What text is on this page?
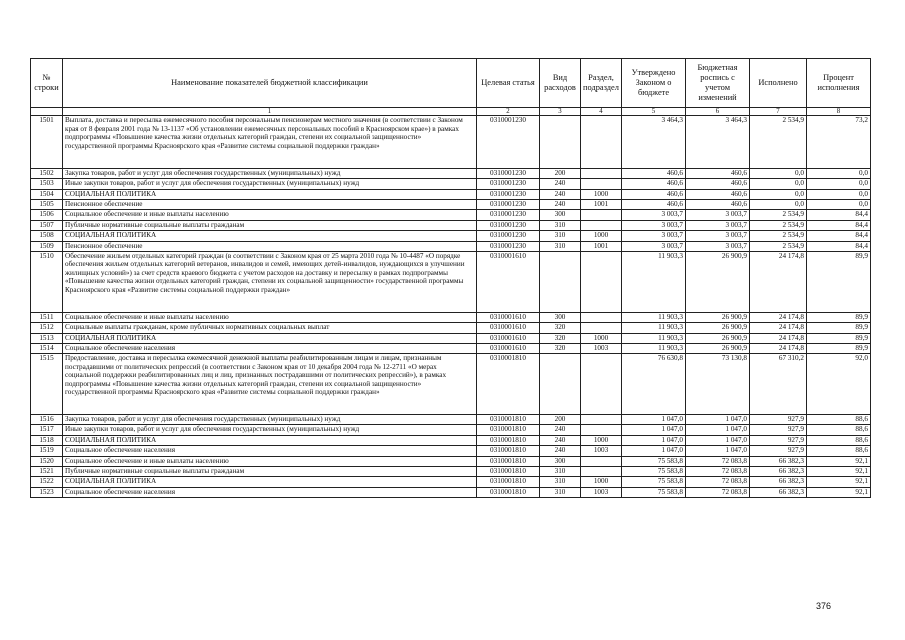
№ строки	Наименование показателей бюджетной классификации	Целевая статья	Вид расходов	Раздел, подраздел	Утверждено Законом о бюджете	Бюджетная роспись с учетом изменений	Исполнено	Процент исполнения
	1	2	3	4	5	6	7	8
1501	Выплата, доставка и пересылка ежемесячного пособия персональным пенсионерам местного значения (в соответствии с Законом края от 8 февраля 2001 года № 13-1137 «Об установлении ежемесячных персональных пособий в Красноярском крае») в рамках подпрограммы «Повышение качества жизни отдельных категорий граждан, степени их социальной защищенности» государственной программы Красноярского края «Развитие системы социальной поддержки граждан»	0310001230			3 464,3	3 464,3	2 534,9	73,2
1502	Закупка товаров, работ и услуг для обеспечения государственных (муниципальных) нужд	0310001230	200		460,6	460,6	0,0	0,0
1503	Иные закупки товаров, работ и услуг для обеспечения государственных (муниципальных) нужд	0310001230	240		460,6	460,6	0,0	0,0
1504	СОЦИАЛЬНАЯ ПОЛИТИКА	0310001230	240	1000	460,6	460,6	0,0	0,0
1505	Пенсионное обеспечение	0310001230	240	1001	460,6	460,6	0,0	0,0
1506	Социальное обеспечение и иные выплаты населению	0310001230	300		3 003,7	3 003,7	2 534,9	84,4
1507	Публичные нормативные социальные выплаты гражданам	0310001230	310		3 003,7	3 003,7	2 534,9	84,4
1508	СОЦИАЛЬНАЯ ПОЛИТИКА	0310001230	310	1000	3 003,7	3 003,7	2 534,9	84,4
1509	Пенсионное обеспечение	0310001230	310	1001	3 003,7	3 003,7	2 534,9	84,4
1510	Обеспечение жильем отдельных категорий граждан (в соответствии с Законом края от 25 марта 2010 года № 10-4487 «О порядке обеспечения жильем отдельных категорий ветеранов, инвалидов и семей, имеющих детей-инвалидов, нуждающихся в улучшении жилищных условий») за счет средств краевого бюджета с учетом расходов на доставку и пересылку в рамках подпрограммы «Повышение качества жизни отдельных категорий граждан, степени их социальной защищенности» государственной программы Красноярского края «Развитие системы социальной поддержки граждан»	0310001610			11 903,3	26 900,9	24 174,8	89,9
1511	Социальное обеспечение и иные выплаты населению	0310001610	300		11 903,3	26 900,9	24 174,8	89,9
1512	Социальные выплаты гражданам, кроме публичных нормативных социальных выплат	0310001610	320		11 903,3	26 900,9	24 174,8	89,9
1513	СОЦИАЛЬНАЯ ПОЛИТИКА	0310001610	320	1000	11 903,3	26 900,9	24 174,8	89,9
1514	Социальное обеспечение населения	0310001610	320	1003	11 903,3	26 900,9	24 174,8	89,9
1515	Предоставление, доставка и пересылка ежемесячной денежной выплаты реабилитированным лицам и лицам, признанным пострадавшими от политических репрессий (в соответствии с Законом края от 10 декабря 2004 года № 12-2711 «О мерах социальной поддержки реабилитированных лиц и лиц, признанных пострадавшими от политических репрессий»), в рамках подпрограммы «Повышение качества жизни отдельных категорий граждан, степени их социальной защищенности» государственной программы Красноярского края «Развитие системы социальной поддержки граждан»	0310001810			76 630,8	73 130,8	67 310,2	92,0
1516	Закупка товаров, работ и услуг для обеспечения государственных (муниципальных) нужд	0310001810	200		1 047,0	1 047,0	927,9	88,6
1517	Иные закупки товаров, работ и услуг для обеспечения государственных (муниципальных) нужд	0310001810	240		1 047,0	1 047,0	927,9	88,6
1518	СОЦИАЛЬНАЯ ПОЛИТИКА	0310001810	240	1000	1 047,0	1 047,0	927,9	88,6
1519	Социальное обеспечение населения	0310001810	240	1003	1 047,0	1 047,0	927,9	88,6
1520	Социальное обеспечение и иные выплаты населению	0310001810	300		75 583,8	72 083,8	66 382,3	92,1
1521	Публичные нормативные социальные выплаты гражданам	0310001810	310		75 583,8	72 083,8	66 382,3	92,1
1522	СОЦИАЛЬНАЯ ПОЛИТИКА	0310001810	310	1000	75 583,8	72 083,8	66 382,3	92,1
1523	Социальное обеспечение населения	0310001810	310	1003	75 583,8	72 083,8	66 382,3	92,1
376
